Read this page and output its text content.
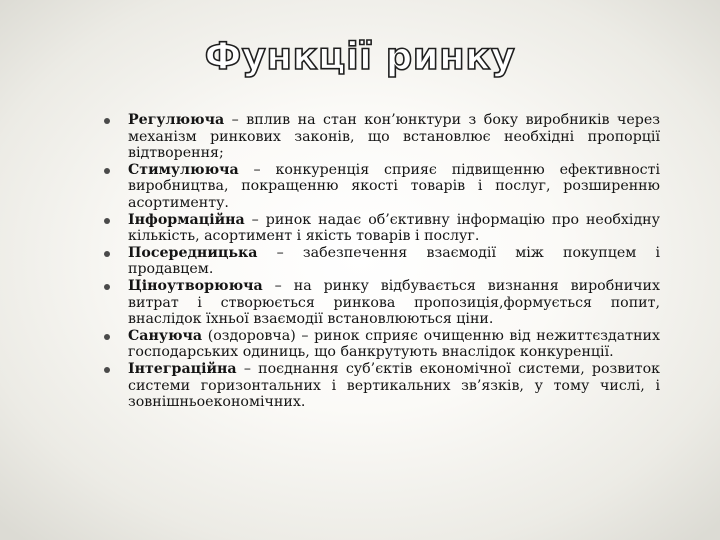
Функції ринку
Регулююча – вплив на стан кон’юнктури з боку виробників через механізм ринкових законів, що встановлює необхідні пропорції відтворення;
Стимулююча – конкуренція сприяє підвищенню ефективності виробництва, покращенню якості товарів і послуг, розширенню асортименту.
Інформаційна – ринок надає об’єктивну інформацію про необхідну кількість, асортимент і якість товарів і послуг.
Посередницька – забезпечення взаємодії між покупцем і продавцем.
Ціноутворююча – на ринку відбувається визнання виробничих витрат і створюється ринкова пропозиція,формується попит, внаслідок їхньої взаємодії встановлюються ціни.
Сануюча (оздоровча) – ринок сприяє очищенню від нежиттєздатних господарських одиниць, що банкрутують внаслідок конкуренції.
Інтеграційна – поєднання суб’єктів економічної системи, розвиток системи горизонтальних і вертикальних зв’язків, у тому числі, і зовнішньоекономічних.
